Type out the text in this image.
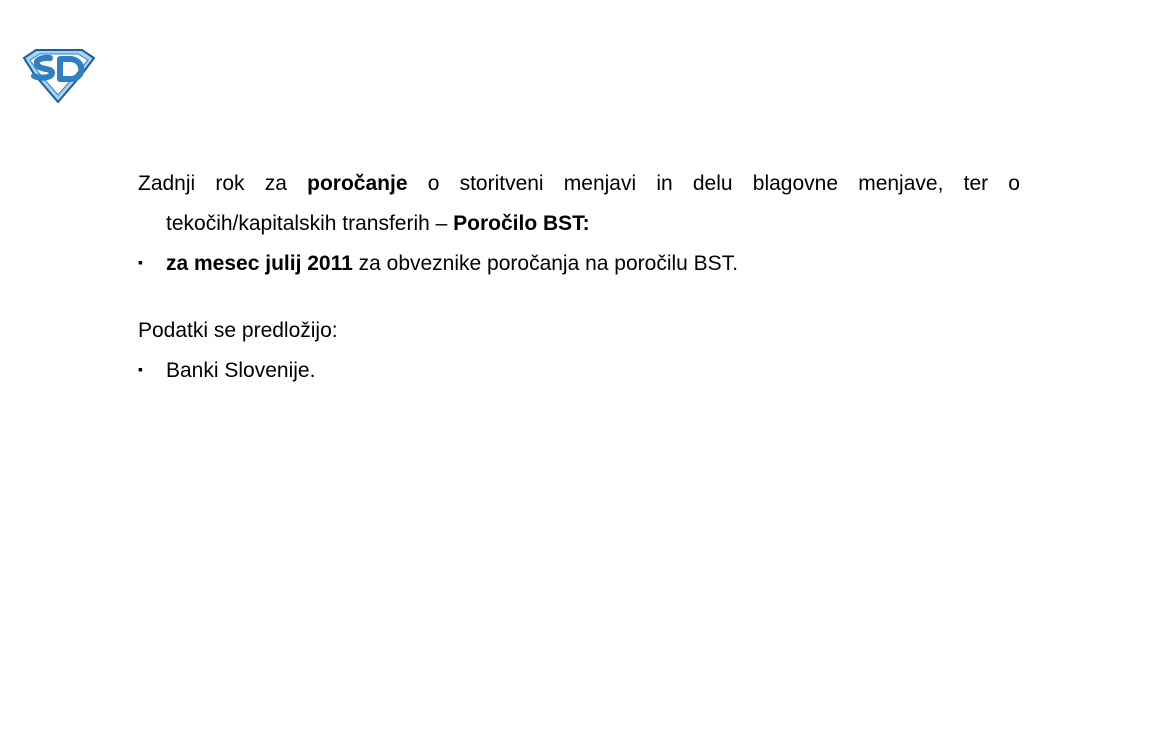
Zadnji rok za poročanje o storitveni menjavi in delu blagovne menjave, ter o tekočih/kapitalskih transferih – Poročilo BST:
▪	za mesec julij 2011 za obveznike poročanja na poročilu BST.
Podatki se predložijo:
▪	Banki Slovenije.
